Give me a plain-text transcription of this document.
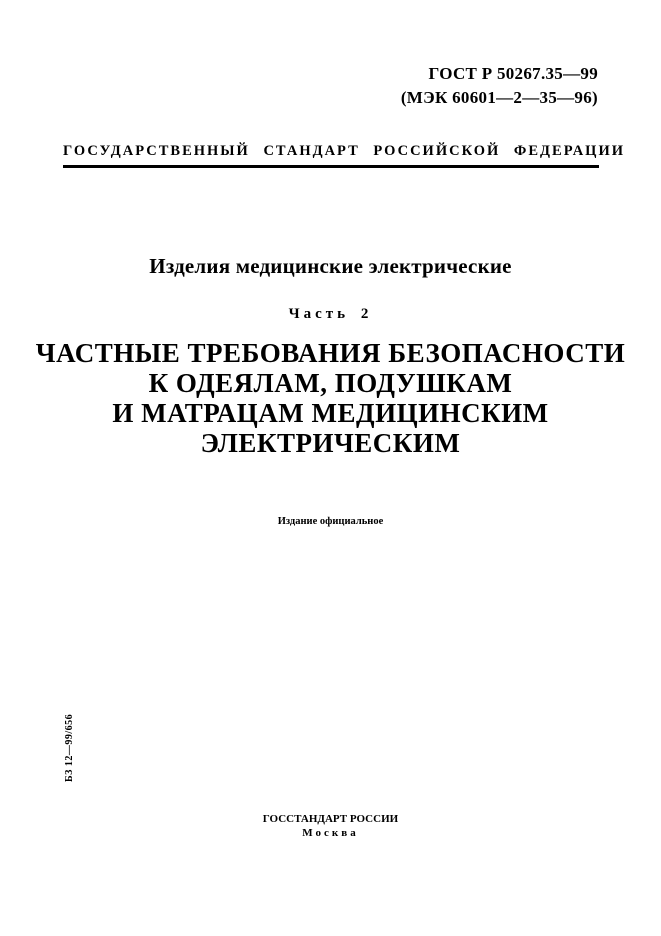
ГОСТ Р 50267.35—99
(МЭК 60601—2—35—96)
ГОСУДАРСТВЕННЫЙ СТАНДАРТ РОССИЙСКОЙ ФЕДЕРАЦИИ
Изделия медицинские электрические
Часть 2
ЧАСТНЫЕ ТРЕБОВАНИЯ БЕЗОПАСНОСТИ
К ОДЕЯЛАМ, ПОДУШКАМ
И МАТРАЦАМ МЕДИЦИНСКИМ
ЭЛЕКТРИЧЕСКИМ
Издание официальное
БЗ 12—99/656
ГОССТАНДАРТ РОССИИ
Москва
